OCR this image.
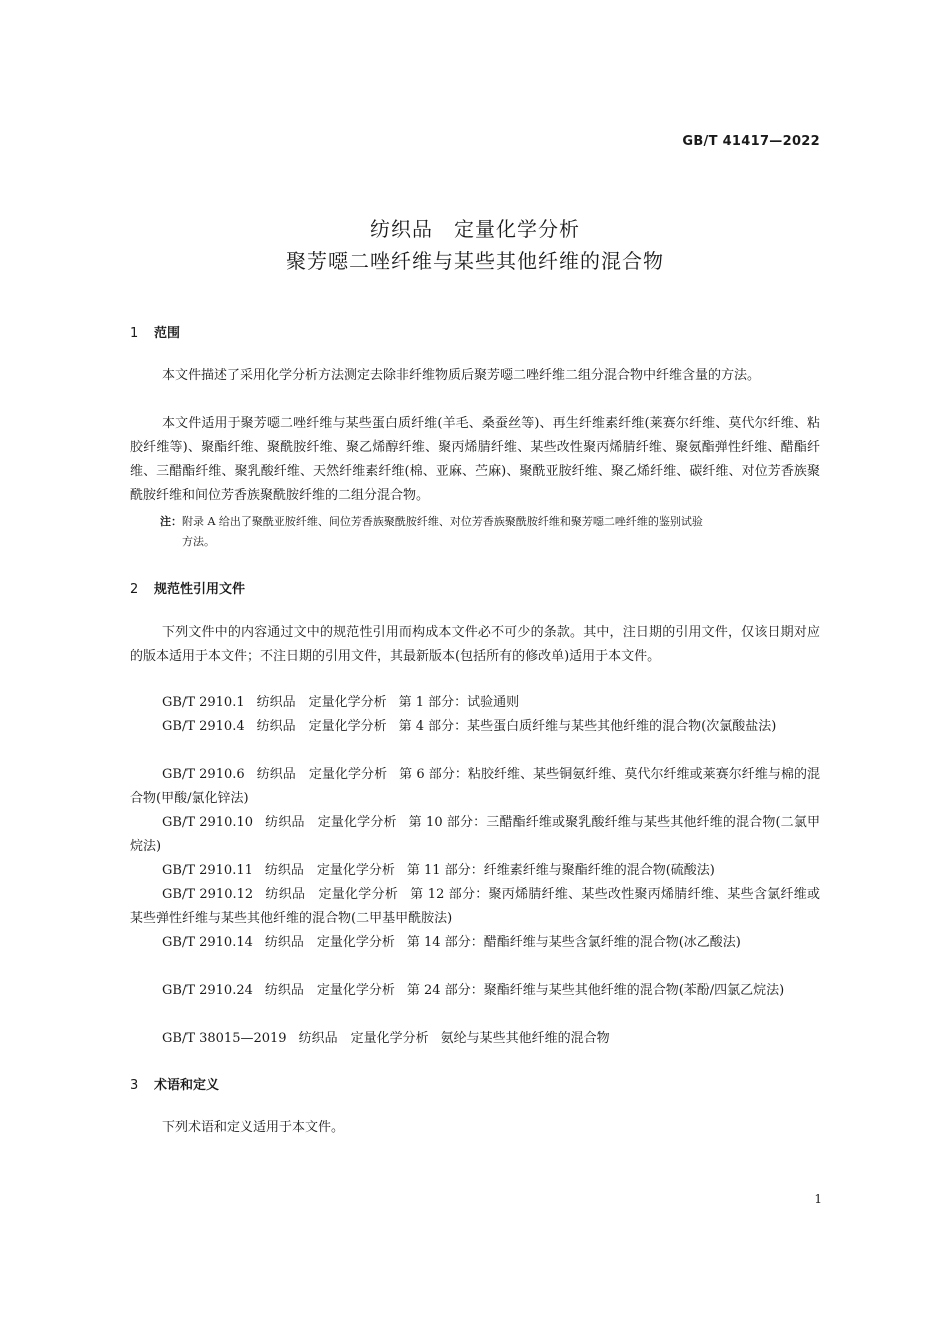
GB/T 41417—2022
纺织品　定量化学分析
聚芳噁二唑纤维与某些其他纤维的混合物
1 范围
本文件描述了采用化学分析方法测定去除非纤维物质后聚芳噁二唑纤维二组分混合物中纤维含量的方法。
本文件适用于聚芳噁二唑纤维与某些蛋白质纤维(羊毛、桑蚕丝等)、再生纤维素纤维(莱赛尔纤维、莫代尔纤维、粘胶纤维等)、聚酯纤维、聚酰胺纤维、聚乙烯醇纤维、聚丙烯腈纤维、某些改性聚丙烯腈纤维、聚氨酯弹性纤维、醋酯纤维、三醋酯纤维、聚乳酸纤维、天然纤维素纤维(棉、亚麻、苎麻)、聚酰亚胺纤维、聚乙烯纤维、碳纤维、对位芳香族聚酰胺纤维和间位芳香族聚酰胺纤维的二组分混合物。
注：附录 A 给出了聚酰亚胺纤维、间位芳香族聚酰胺纤维、对位芳香族聚酰胺纤维和聚芳噁二唑纤维的鉴别试验
方法。
2 规范性引用文件
下列文件中的内容通过文中的规范性引用而构成本文件必不可少的条款。其中，注日期的引用文件，仅该日期对应的版本适用于本文件；不注日期的引用文件，其最新版本(包括所有的修改单)适用于本文件。
GB/T 2910.1 纺织品　定量化学分析 第 1 部分：试验通则
GB/T 2910.4 纺织品　定量化学分析 第 4 部分：某些蛋白质纤维与某些其他纤维的混合物(次氯酸盐法)
GB/T 2910.6 纺织品　定量化学分析 第 6 部分：粘胶纤维、某些铜氨纤维、莫代尔纤维或莱赛尔纤维与棉的混合物(甲酸/氯化锌法)
GB/T 2910.10 纺织品　定量化学分析 第 10 部分：三醋酯纤维或聚乳酸纤维与某些其他纤维的混合物(二氯甲烷法)
GB/T 2910.11 纺织品　定量化学分析 第 11 部分：纤维素纤维与聚酯纤维的混合物(硫酸法)
GB/T 2910.12 纺织品　定量化学分析 第 12 部分：聚丙烯腈纤维、某些改性聚丙烯腈纤维、某些含氯纤维或某些弹性纤维与某些其他纤维的混合物(二甲基甲酰胺法)
GB/T 2910.14 纺织品　定量化学分析 第 14 部分：醋酯纤维与某些含氯纤维的混合物(冰乙酸法)
GB/T 2910.24 纺织品　定量化学分析 第 24 部分：聚酯纤维与某些其他纤维的混合物(苯酚/四氯乙烷法)
GB/T 38015—2019 纺织品　定量化学分析 氨纶与某些其他纤维的混合物
3 术语和定义
下列术语和定义适用于本文件。
1
